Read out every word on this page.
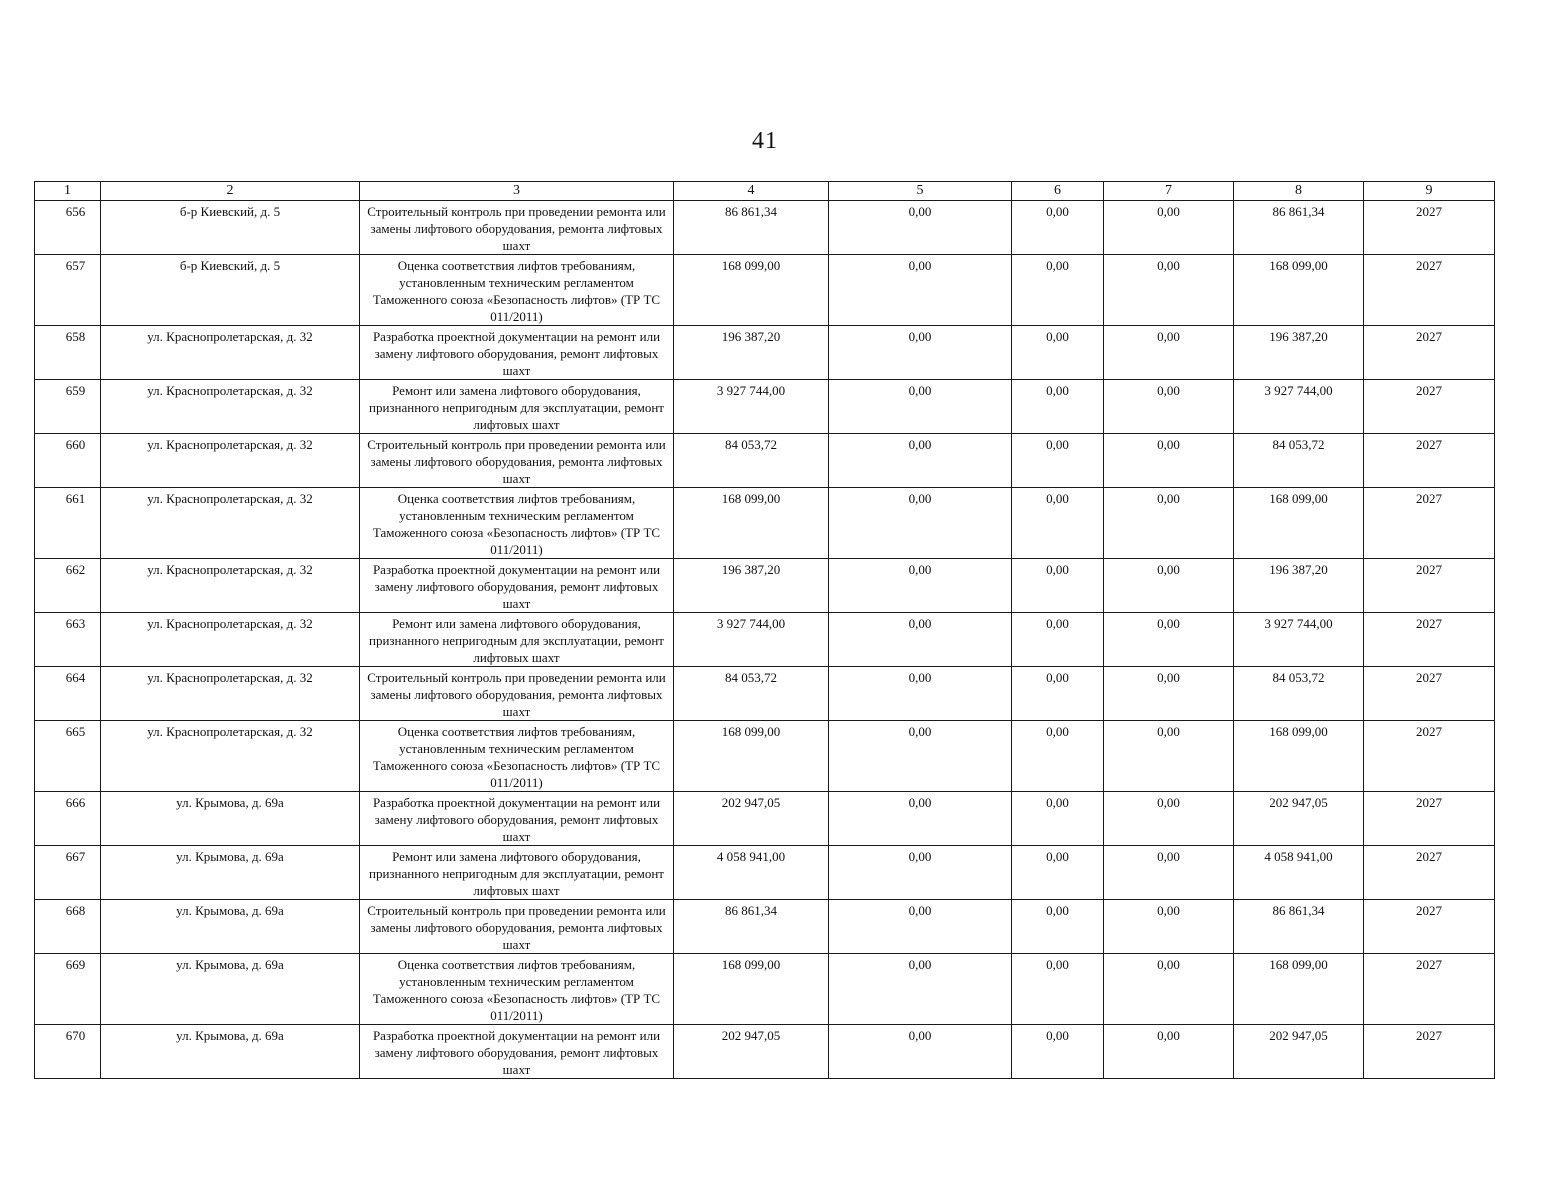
41
1	2	3	4	5	6	7	8	9
656	б-р Киевский, д. 5	Строительный контроль при проведении ремонта или замены лифтового оборудования, ремонта лифтовых шахт	86 861,34	0,00	0,00	0,00	86 861,34	2027
657	б-р Киевский, д. 5	Оценка соответствия лифтов требованиям, установленным техническим регламентом Таможенного союза «Безопасность лифтов» (ТР ТС 011/2011)	168 099,00	0,00	0,00	0,00	168 099,00	2027
658	ул. Краснопролетарская, д. 32	Разработка проектной документации на ремонт или замену лифтового оборудования, ремонт лифтовых шахт	196 387,20	0,00	0,00	0,00	196 387,20	2027
659	ул. Краснопролетарская, д. 32	Ремонт или замена лифтового оборудования, признанного непригодным для эксплуатации, ремонт лифтовых шахт	3 927 744,00	0,00	0,00	0,00	3 927 744,00	2027
660	ул. Краснопролетарская, д. 32	Строительный контроль при проведении ремонта или замены лифтового оборудования, ремонта лифтовых шахт	84 053,72	0,00	0,00	0,00	84 053,72	2027
661	ул. Краснопролетарская, д. 32	Оценка соответствия лифтов требованиям, установленным техническим регламентом Таможенного союза «Безопасность лифтов» (ТР ТС 011/2011)	168 099,00	0,00	0,00	0,00	168 099,00	2027
662	ул. Краснопролетарская, д. 32	Разработка проектной документации на ремонт или замену лифтового оборудования, ремонт лифтовых шахт	196 387,20	0,00	0,00	0,00	196 387,20	2027
663	ул. Краснопролетарская, д. 32	Ремонт или замена лифтового оборудования, признанного непригодным для эксплуатации, ремонт лифтовых шахт	3 927 744,00	0,00	0,00	0,00	3 927 744,00	2027
664	ул. Краснопролетарская, д. 32	Строительный контроль при проведении ремонта или замены лифтового оборудования, ремонта лифтовых шахт	84 053,72	0,00	0,00	0,00	84 053,72	2027
665	ул. Краснопролетарская, д. 32	Оценка соответствия лифтов требованиям, установленным техническим регламентом Таможенного союза «Безопасность лифтов» (ТР ТС 011/2011)	168 099,00	0,00	0,00	0,00	168 099,00	2027
666	ул. Крымова, д. 69а	Разработка проектной документации на ремонт или замену лифтового оборудования, ремонт лифтовых шахт	202 947,05	0,00	0,00	0,00	202 947,05	2027
667	ул. Крымова, д. 69а	Ремонт или замена лифтового оборудования, признанного непригодным для эксплуатации, ремонт лифтовых шахт	4 058 941,00	0,00	0,00	0,00	4 058 941,00	2027
668	ул. Крымова, д. 69а	Строительный контроль при проведении ремонта или замены лифтового оборудования, ремонта лифтовых шахт	86 861,34	0,00	0,00	0,00	86 861,34	2027
669	ул. Крымова, д. 69а	Оценка соответствия лифтов требованиям, установленным техническим регламентом Таможенного союза «Безопасность лифтов» (ТР ТС 011/2011)	168 099,00	0,00	0,00	0,00	168 099,00	2027
670	ул. Крымова, д. 69а	Разработка проектной документации на ремонт или замену лифтового оборудования, ремонт лифтовых шахт	202 947,05	0,00	0,00	0,00	202 947,05	2027
